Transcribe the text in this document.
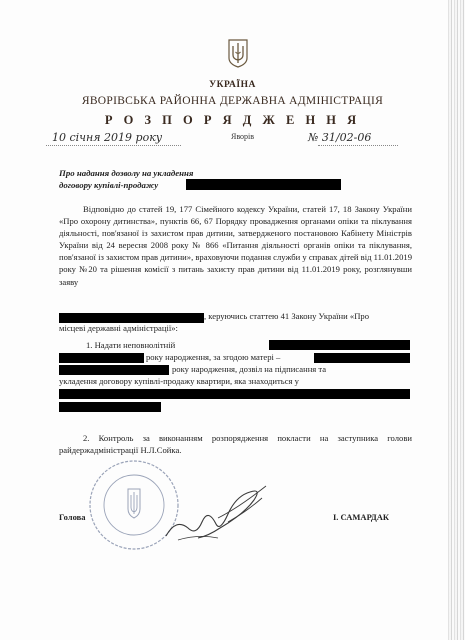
УКРАЇНА
ЯВОРІВСЬКА РАЙОННА ДЕРЖАВНА АДМІНІСТРАЦІЯ
Р О З П О Р Я Д Ж Е Н Н Я
10 січня 2019 року	Яворів	№ 31/02-06
Про надання дозволу на укладення
договору купівлі-продажу
Відповідно до статей 19, 177 Сімейного кодексу України, статей 17, 18 Закону України «Про охорону дитинства», пунктів 66, 67 Порядку провадження органами опіки та піклування діяльності, пов'язаної із захистом прав дитини, затвердженого постановою Кабінету Міністрів України від 24 вересня 2008 року № 866 «Питання діяльності органів опіки та піклування, пов'язаної із захистом прав дитини», враховуючи подання служби у справах дітей від 11.01.2019 року №20 та рішення комісії з питань захисту прав дитини від 11.01.2019 року, розглянувши заяву
, керуючись статтею 41 Закону України «Про
місцеві державні адміністрації»:
1. Надати неповнолітній
року народження, за згодою матері –
року народження, дозвіл на підписання та
укладення договору купівлі-продажу квартири, яка знаходиться у
2. Контроль за виконанням розпорядження покласти на заступника голови райдержадміністрації Н.Л.Сойка.
Голова	І. САМАРДАК
